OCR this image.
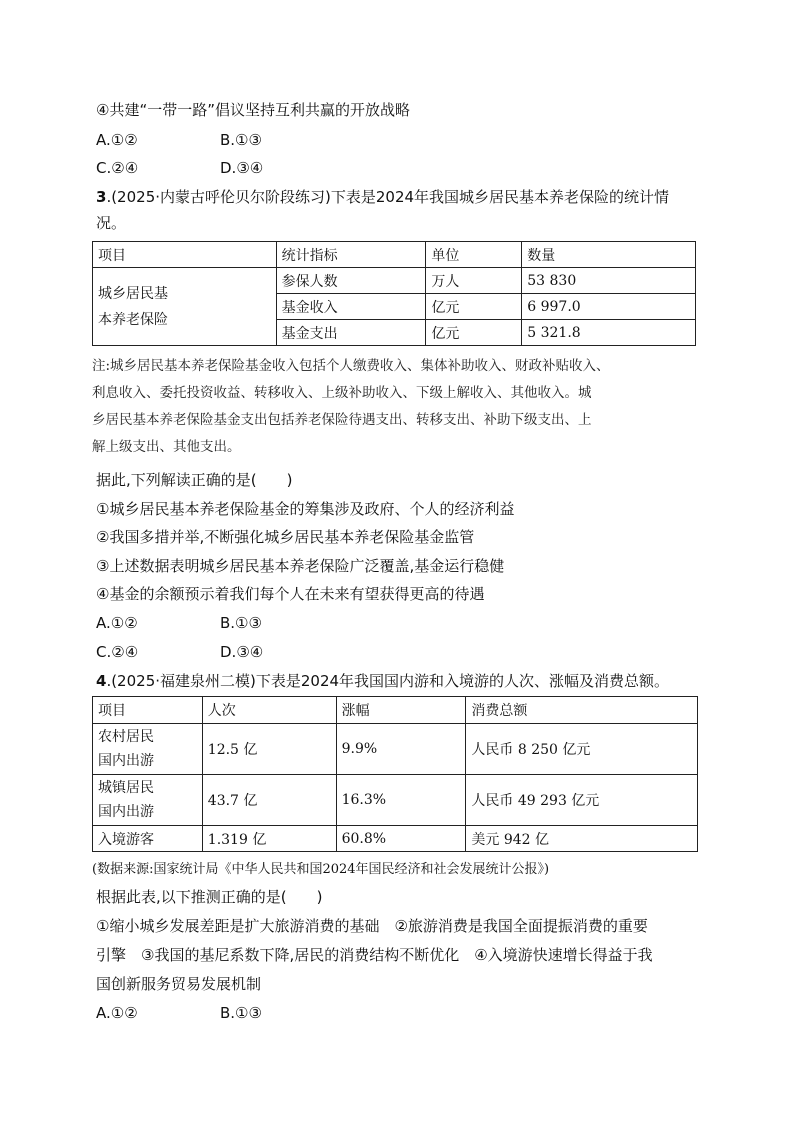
④共建“一带一路”倡议坚持互利共赢的开放战略
A.①②	B.①③
C.②④	D.③④
3.(2025·内蒙古呼伦贝尔阶段练习)下表是2024年我国城乡居民基本养老保险的统计情
况。
项目	统计指标	单位	数量

城乡居民基
本养老保险	参保人数	万人	53 830
	基金收入	亿元	6 997.0
	基金支出	亿元	5 321.8
注:城乡居民基本养老保险基金收入包括个人缴费收入、集体补助收入、财政补贴收入、
利息收入、委托投资收益、转移收入、上级补助收入、下级上解收入、其他收入。城
乡居民基本养老保险基金支出包括养老保险待遇支出、转移支出、补助下级支出、上
解上级支出、其他支出。
据此,下列解读正确的是(　　)
①城乡居民基本养老保险基金的筹集涉及政府、个人的经济利益
②我国多措并举,不断强化城乡居民基本养老保险基金监管
③上述数据表明城乡居民基本养老保险广泛覆盖,基金运行稳健
④基金的余额预示着我们每个人在未来有望获得更高的待遇
A.①②	B.①③
C.②④	D.③④
4.(2025·福建泉州二模)下表是2024年我国国内游和入境游的人次、涨幅及消费总额。
项目	人次	涨幅	消费总额

农村居民
国内出游	12.5 亿	9.9%	人民币 8 250 亿元

城镇居民
国内出游	43.7 亿	16.3%	人民币 49 293 亿元
入境游客	1.319 亿	60.8%	美元 942 亿
(数据来源:国家统计局《中华人民共和国2024年国民经济和社会发展统计公报》)
根据此表,以下推测正确的是(　　)
①缩小城乡发展差距是扩大旅游消费的基础　②旅游消费是我国全面提振消费的重要
引擎　③我国的基尼系数下降,居民的消费结构不断优化　④入境游快速增长得益于我
国创新服务贸易发展机制
A.①②	B.①③
